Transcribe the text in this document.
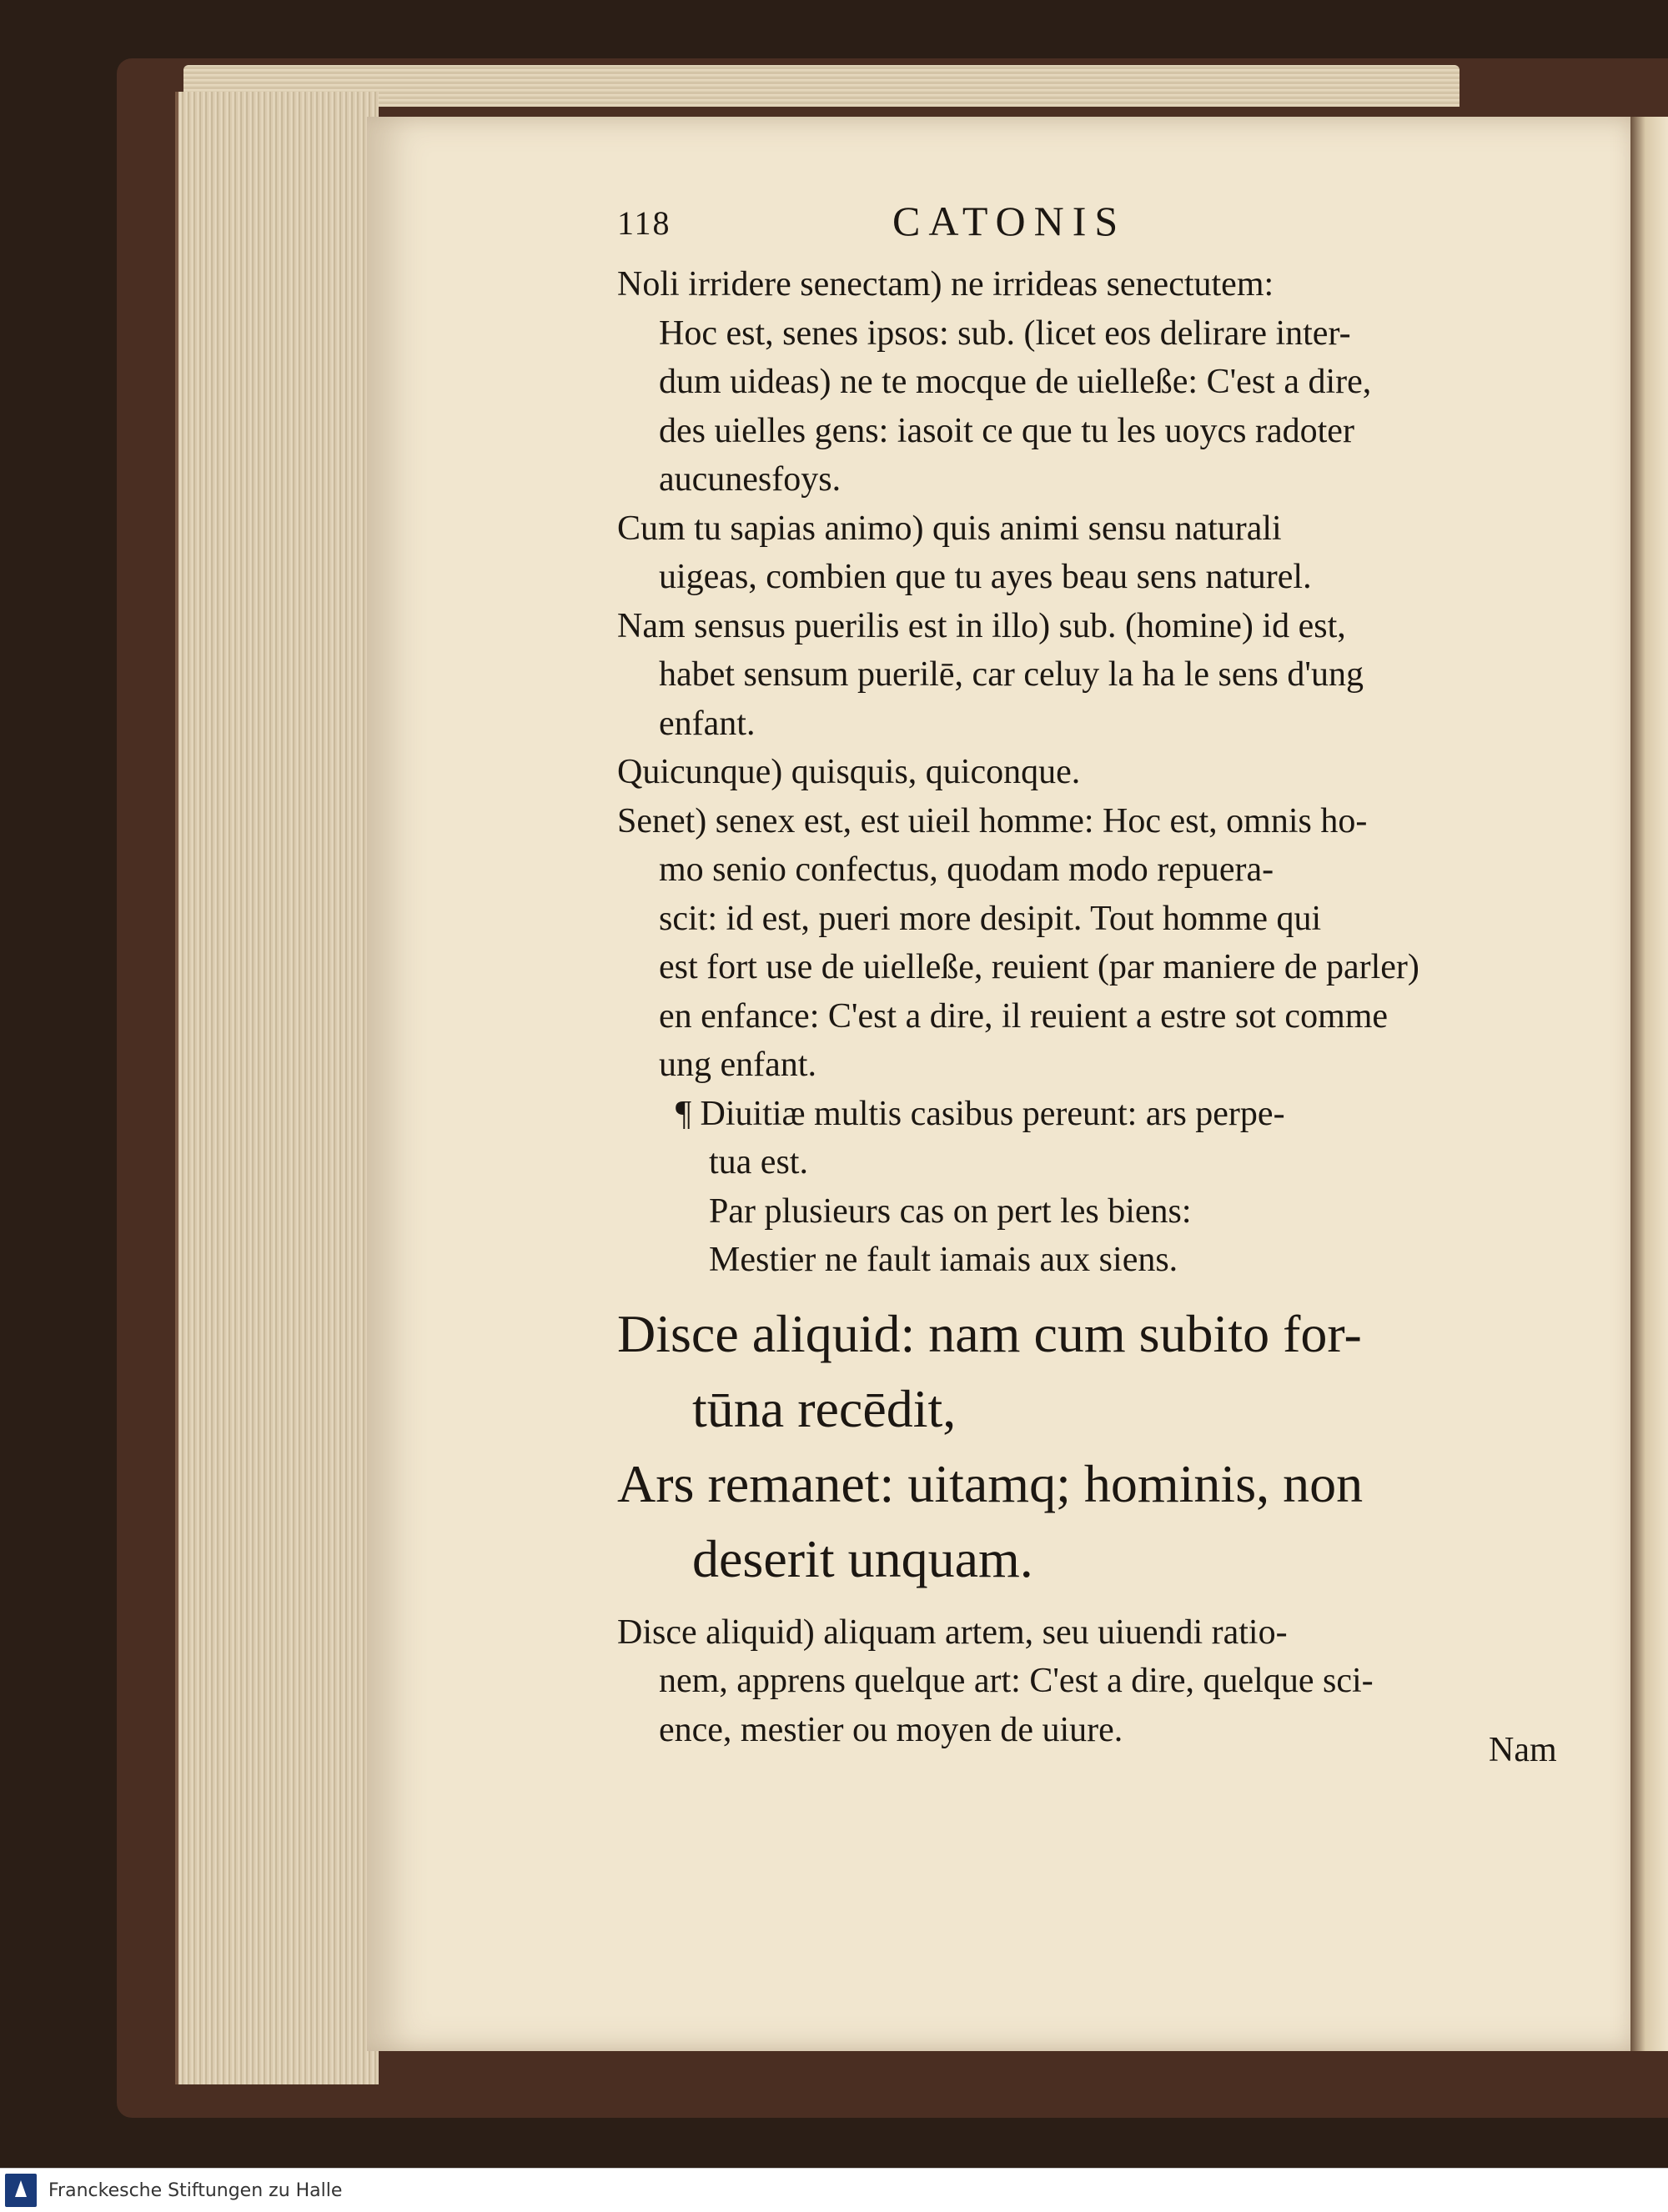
118	CATONIS
Noli irridere senectam) ne irrideas senectutem:
Hoc est, senes ipsos: sub. (licet eos delirare inter-
dum uideas) ne te mocque de uielleße: C'est a dire,
des uielles gens: iasoit ce que tu les uoycs radoter
aucunesfoys.
Cum tu sapias animo) quis animi sensu naturali
uigeas, combien que tu ayes beau sens naturel.
Nam sensus puerilis est in illo) sub. (homine) id est,
habet sensum puerilē, car celuy la ha le sens d'ung
enfant.
Quicunque) quisquis, quiconque.
Senet) senex est, est uieil homme: Hoc est, omnis ho-
mo senio confectus, quodam modo repuera-
scit: id est, pueri more desipit. Tout homme qui
est fort use de uielleße, reuient (par maniere de parler)
en enfance: C'est a dire, il reuient a estre sot comme
ung enfant.
¶ Diuitiæ multis casibus pereunt: ars perpe-
tua est.
Par plusieurs cas on pert les biens:
Mestier ne fault iamais aux siens.
Disce aliquid: nam cum subito for-
tūna recēdit,
Ars remanet: uitamq; hominis, non
deserit unquam.
Disce aliquid) aliquam artem, seu uiuendi ratio-
nem, apprens quelque art: C'est a dire, quelque sci-
ence, mestier ou moyen de uiure.
Nam
Franckesche Stiftungen zu Halle
